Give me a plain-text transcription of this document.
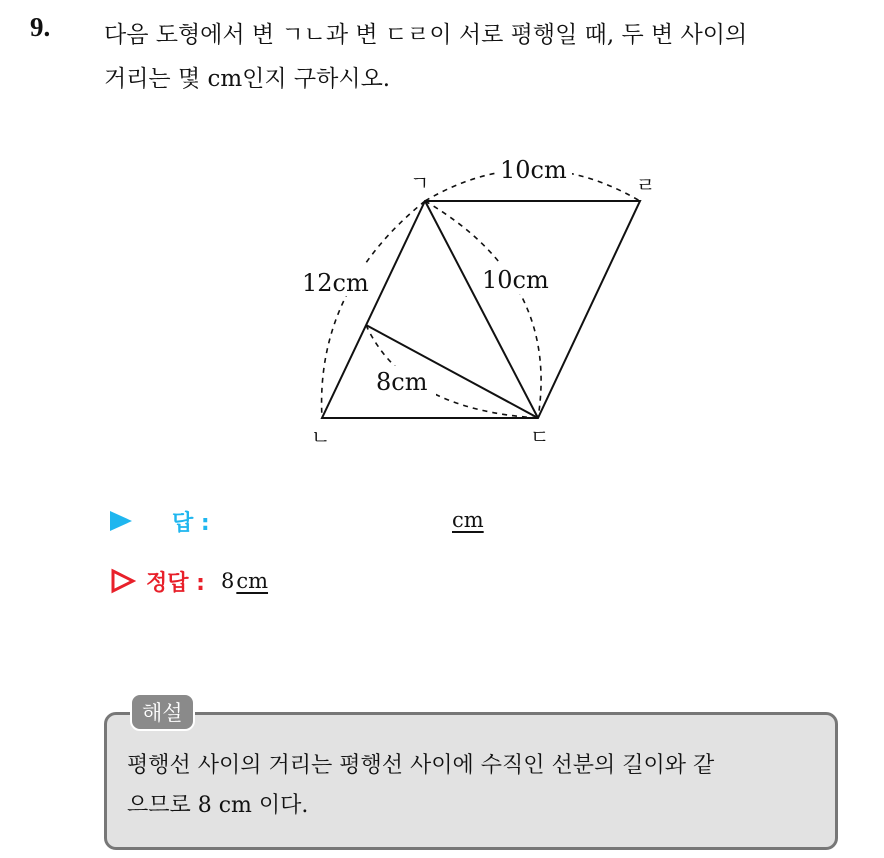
9. 다음 도형에서 변 ㄱㄴ과 변 ㄷㄹ이 서로 평행일 때, 두 변 사이의
거리는 몇 cm인지 구하시오.
10cm
12cm	10cm
8cm
ㄱ	ㄹ
ㄴ	ㄷ
답 :	cm
정답 : 8 cm
해설
평행선 사이의 거리는 평행선 사이에 수직인 선분의 길이와 같
으므로 8 cm 이다.
